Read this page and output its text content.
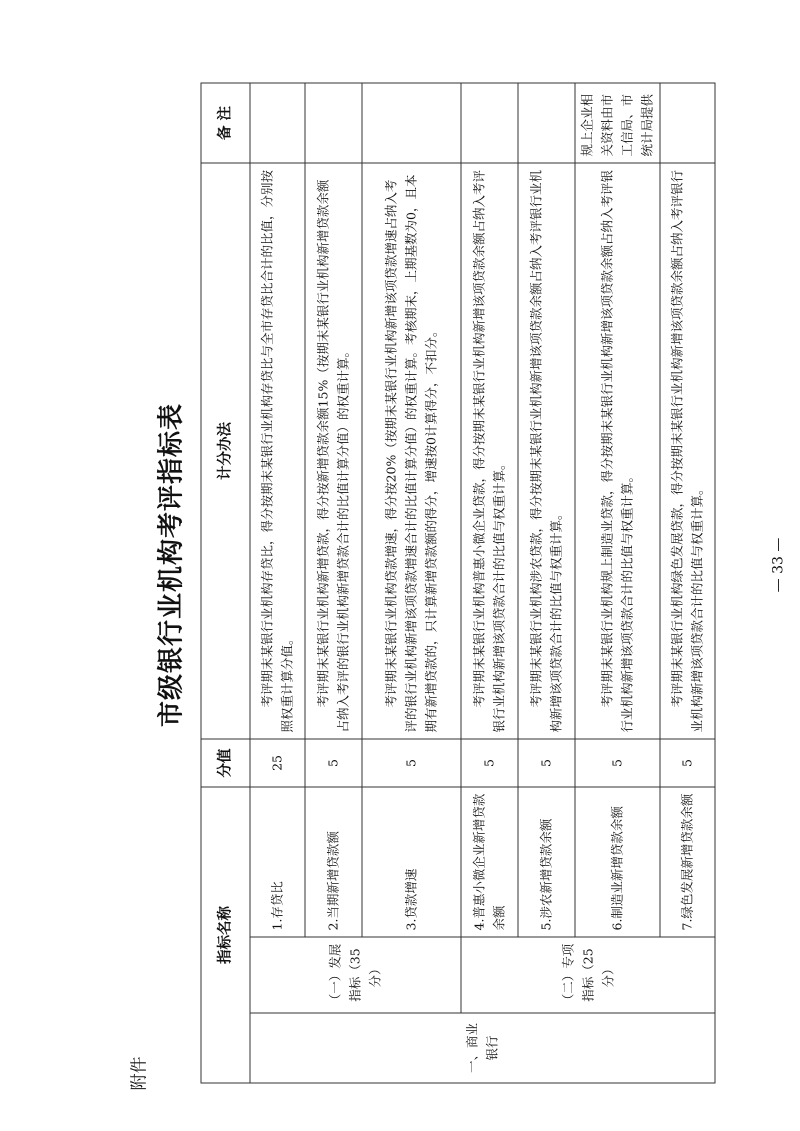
附件
市级银行业机构考评指标表
指标名称			分值	计分办法	备 注
一、商业银行	（一）发展指标（35分）	1.存贷比	25	考评期末某银行业机构存贷比，得分按期末某银行业机构存贷比与全市存贷比合计的比值，分别按照权重计算分值。	
		2.当期新增贷款额	5	考评期末某银行业机构新增贷款，得分按新增贷款余额15%（按期末某银行业机构新增贷款余额占纳入考评的银行业机构新增贷款合计的比值计算分值）的权重计算。	
		3.贷款增速	5	考评期末某银行业机构贷款增速，得分按20%（按期末某银行业机构新增该项贷款增速占纳入考评的银行业机构新增该项贷款增速合计的比值计算分值）的权重计算。考核期末，上期基数为0，且本期有新增贷款的，只计算新增贷款额的得分，增速按0计算得分，不扣分。	
	（二）专项指标（25分）	4.普惠小微企业新增贷款余额	5	考评期末某银行业机构普惠小微企业贷款，得分按期末某银行业机构新增该项贷款余额占纳入考评银行业机构新增该项贷款合计的比值与权重计算。	
		5.涉农新增贷款余额	5	考评期末某银行业机构涉农贷款，得分按期末某银行业机构新增该项贷款余额占纳入考评银行业机构新增该项贷款合计的比值与权重计算。	
		6.制造业新增贷款余额	5	考评期末某银行业机构规上制造业贷款，得分按期末某银行业机构新增该项贷款余额占纳入考评银行业机构新增该项贷款合计的比值与权重计算。	规上企业相关资料由市工信局、市统计局提供
		7.绿色发展新增贷款余额	5	考评期末某银行业机构绿色发展贷款，得分按期末某银行业机构新增该项贷款余额占纳入考评银行业机构新增该项贷款合计的比值与权重计算。		— 33 —
